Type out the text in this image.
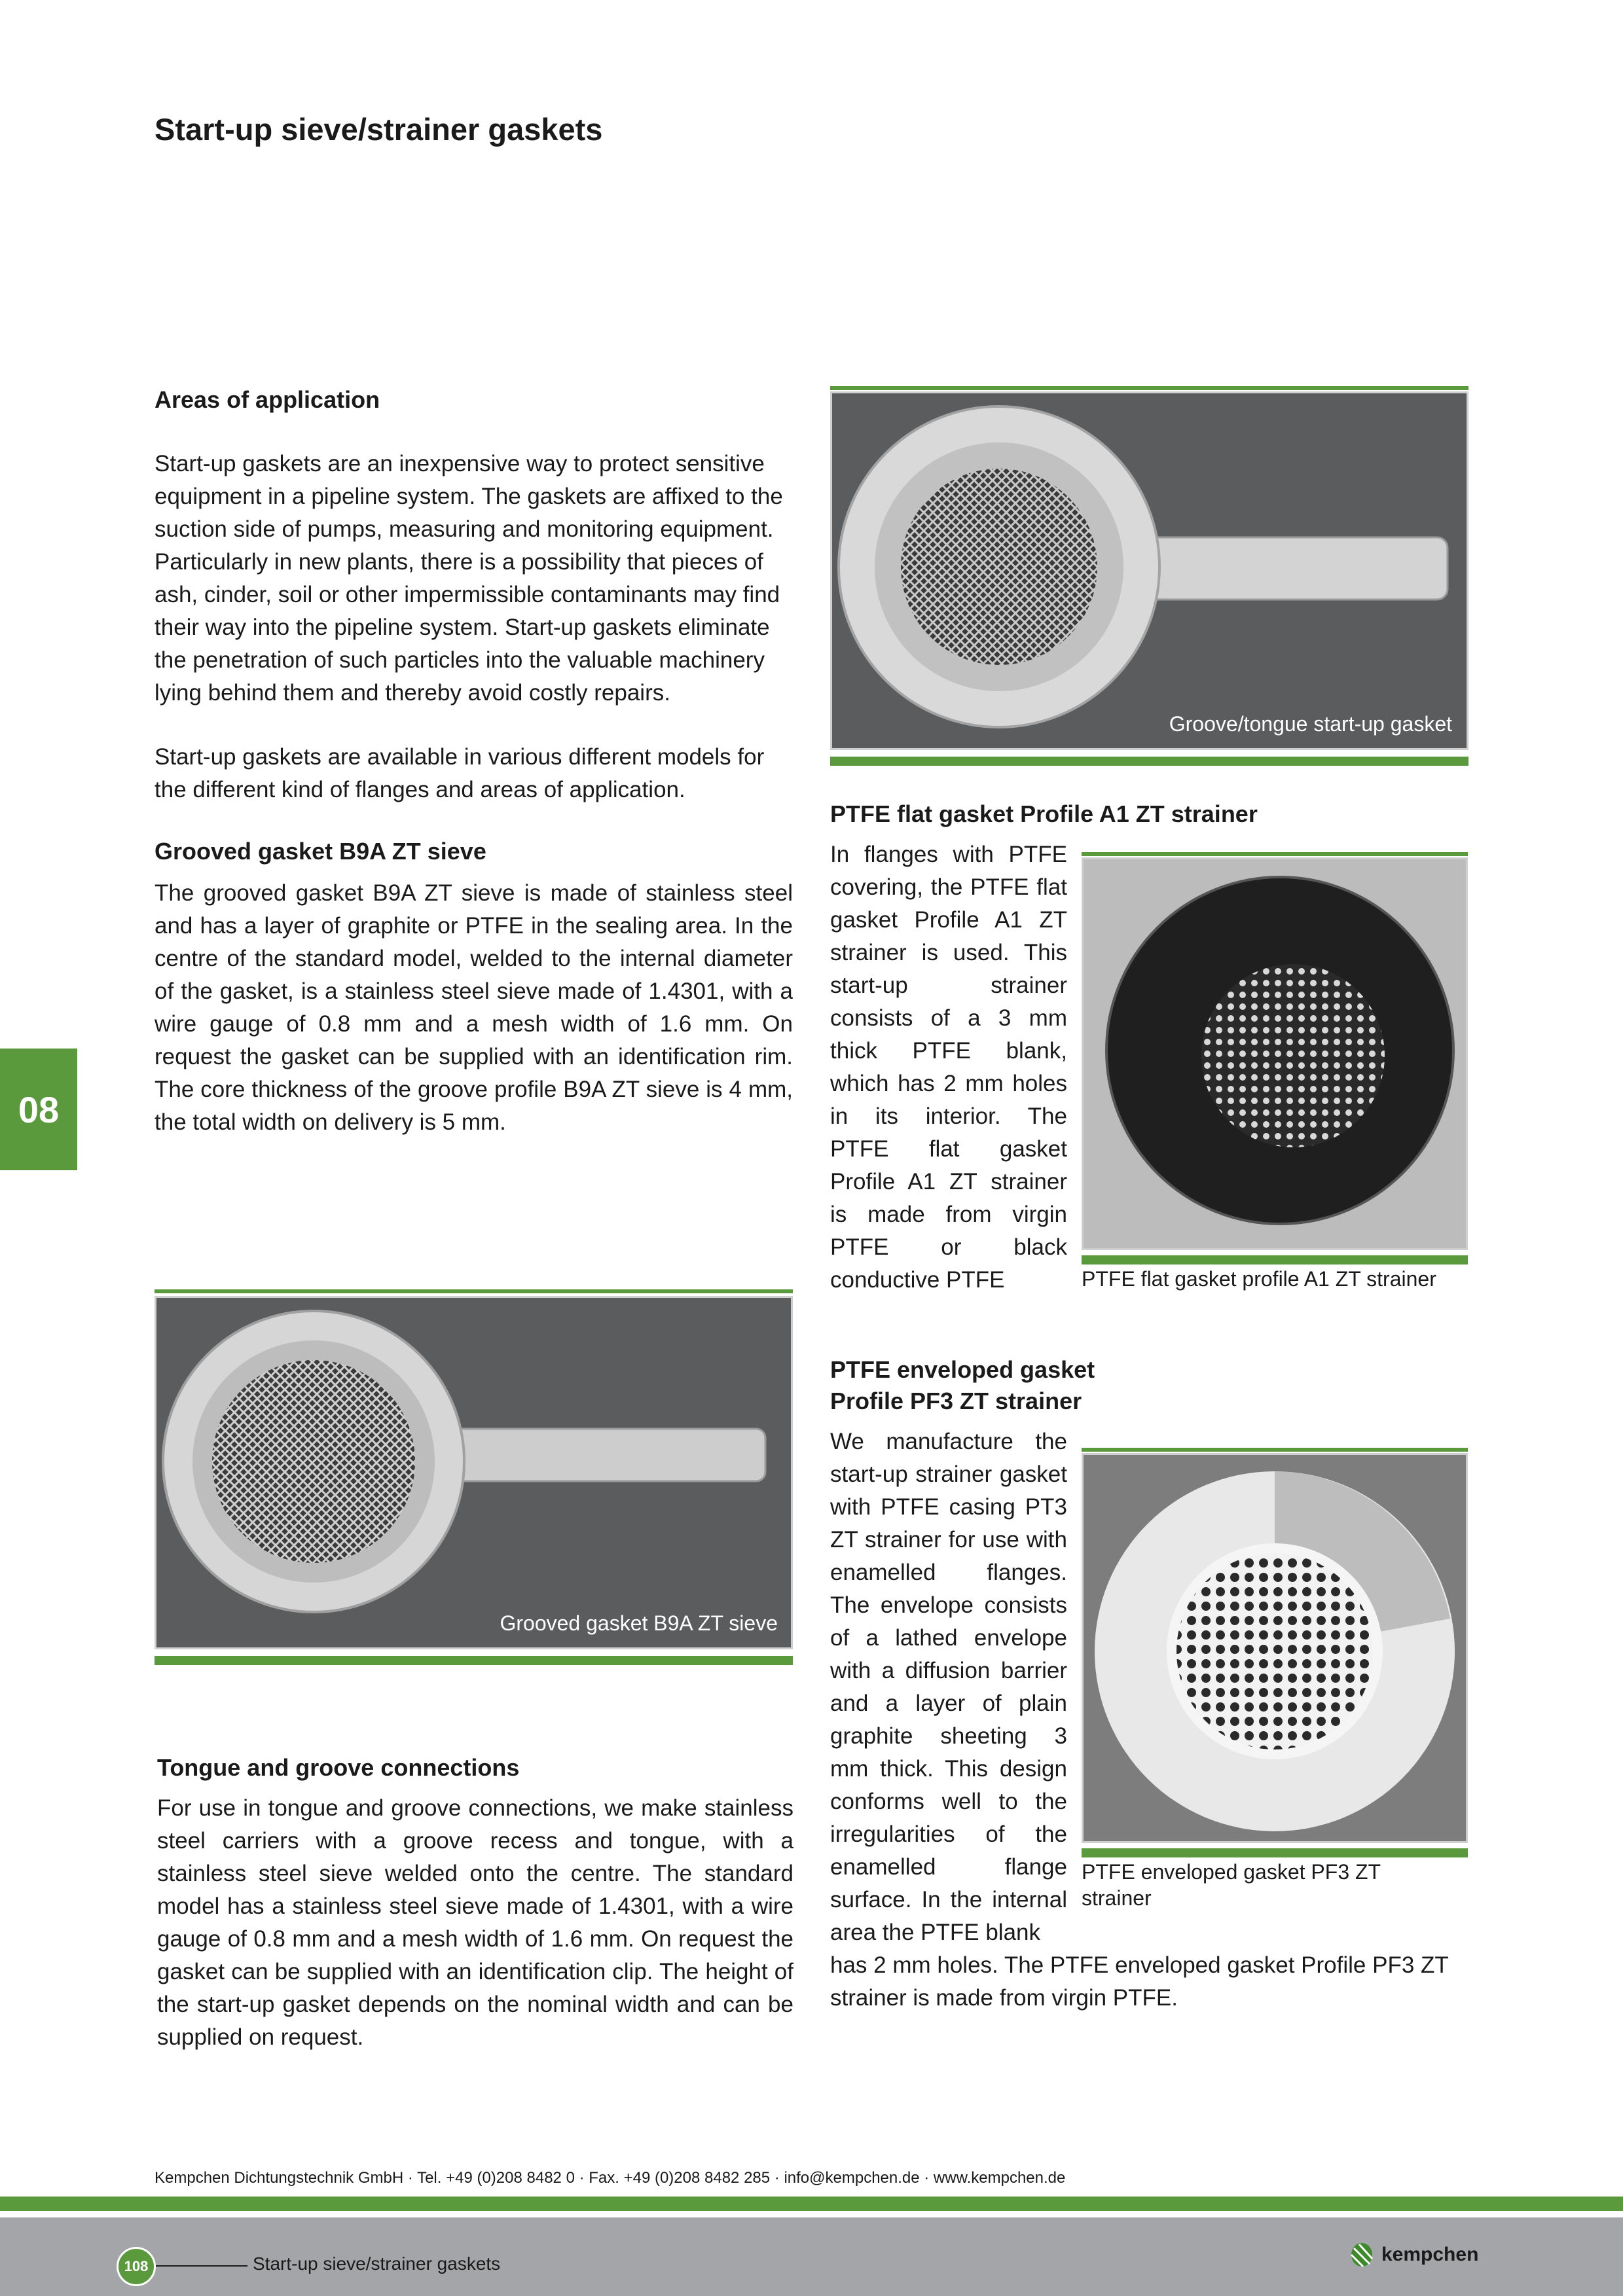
Start-up sieve/strainer gaskets
08
Areas of application

Start-up gaskets are an inexpensive way to protect sensitive equipment in a pipeline system. The gaskets are affixed to the suction side of pumps, measuring and monitoring equipment. Particularly in new plants, there is a possibility that pieces of ash, cinder, soil or other impermissible contaminants may find their way into the pipeline system. Start-up gaskets eliminate the penetration of such particles into the valuable machinery lying behind them and thereby avoid costly repairs.

Start-up gaskets are available in various different models for the different kind of flanges and areas of application.

Grooved gasket B9A ZT sieve

The grooved gasket B9A ZT sieve is made of stainless steel and has a layer of graphite or PTFE in the sealing area. In the centre of the standard model, welded to the internal diameter of the gasket, is a stainless steel sieve made of 1.4301, with a wire gauge of 0.8 mm and a mesh width of 1.6 mm. On request the gasket can be supplied with an identification rim. The core thickness of the groove profile B9A ZT sieve is 4 mm, the total width on delivery is 5 mm.

Grooved gasket B9A ZT sieve
Tongue and groove connections

For use in tongue and groove connections, we make stainless steel carriers with a groove recess and tongue, with a stainless steel sieve welded onto the centre. The standard model has a stainless steel sieve made of 1.4301, with a wire gauge of 0.8 mm and a mesh width of 1.6 mm. On request the gasket can be supplied with an identification clip. The height of the start-up gasket depends on the nominal width and can be supplied on request.

Groove/tongue start-up gasket
PTFE flat gasket Profile A1 ZT strainer

In flanges with PTFE covering, the PTFE flat gasket Profile A1 ZT strainer is used. This start-up strainer consists of a 3 mm thick PTFE blank, which has 2 mm holes in its interior. The PTFE flat gasket Profile A1 ZT strainer is made from virgin PTFE or black conductive PTFE	PTFE flat gasket profile A1 ZT strainer
PTFE enveloped gasket
Profile PF3 ZT strainer

We manufacture the start-up strainer gasket with PTFE casing PT3 ZT strainer for use with enamelled flanges. The envelope consists of a lathed envelope with a diffusion barrier and a layer of plain graphite sheeting 3 mm thick. This design conforms well to the irregularities of the enamelled flange surface. In the internal area the PTFE blank

has 2 mm holes. The PTFE enveloped gasket Profile PF3 ZT strainer is made from virgin PTFE.

PTFE enveloped gasket PF3 ZT strainer
Kempchen Dichtungstechnik GmbH · Tel. +49 (0)208 8482 0 · Fax. +49 (0)208 8482 285 · info@kempchen.de · www.kempchen.de
108	Start-up sieve/strainer gaskets	kempchen
